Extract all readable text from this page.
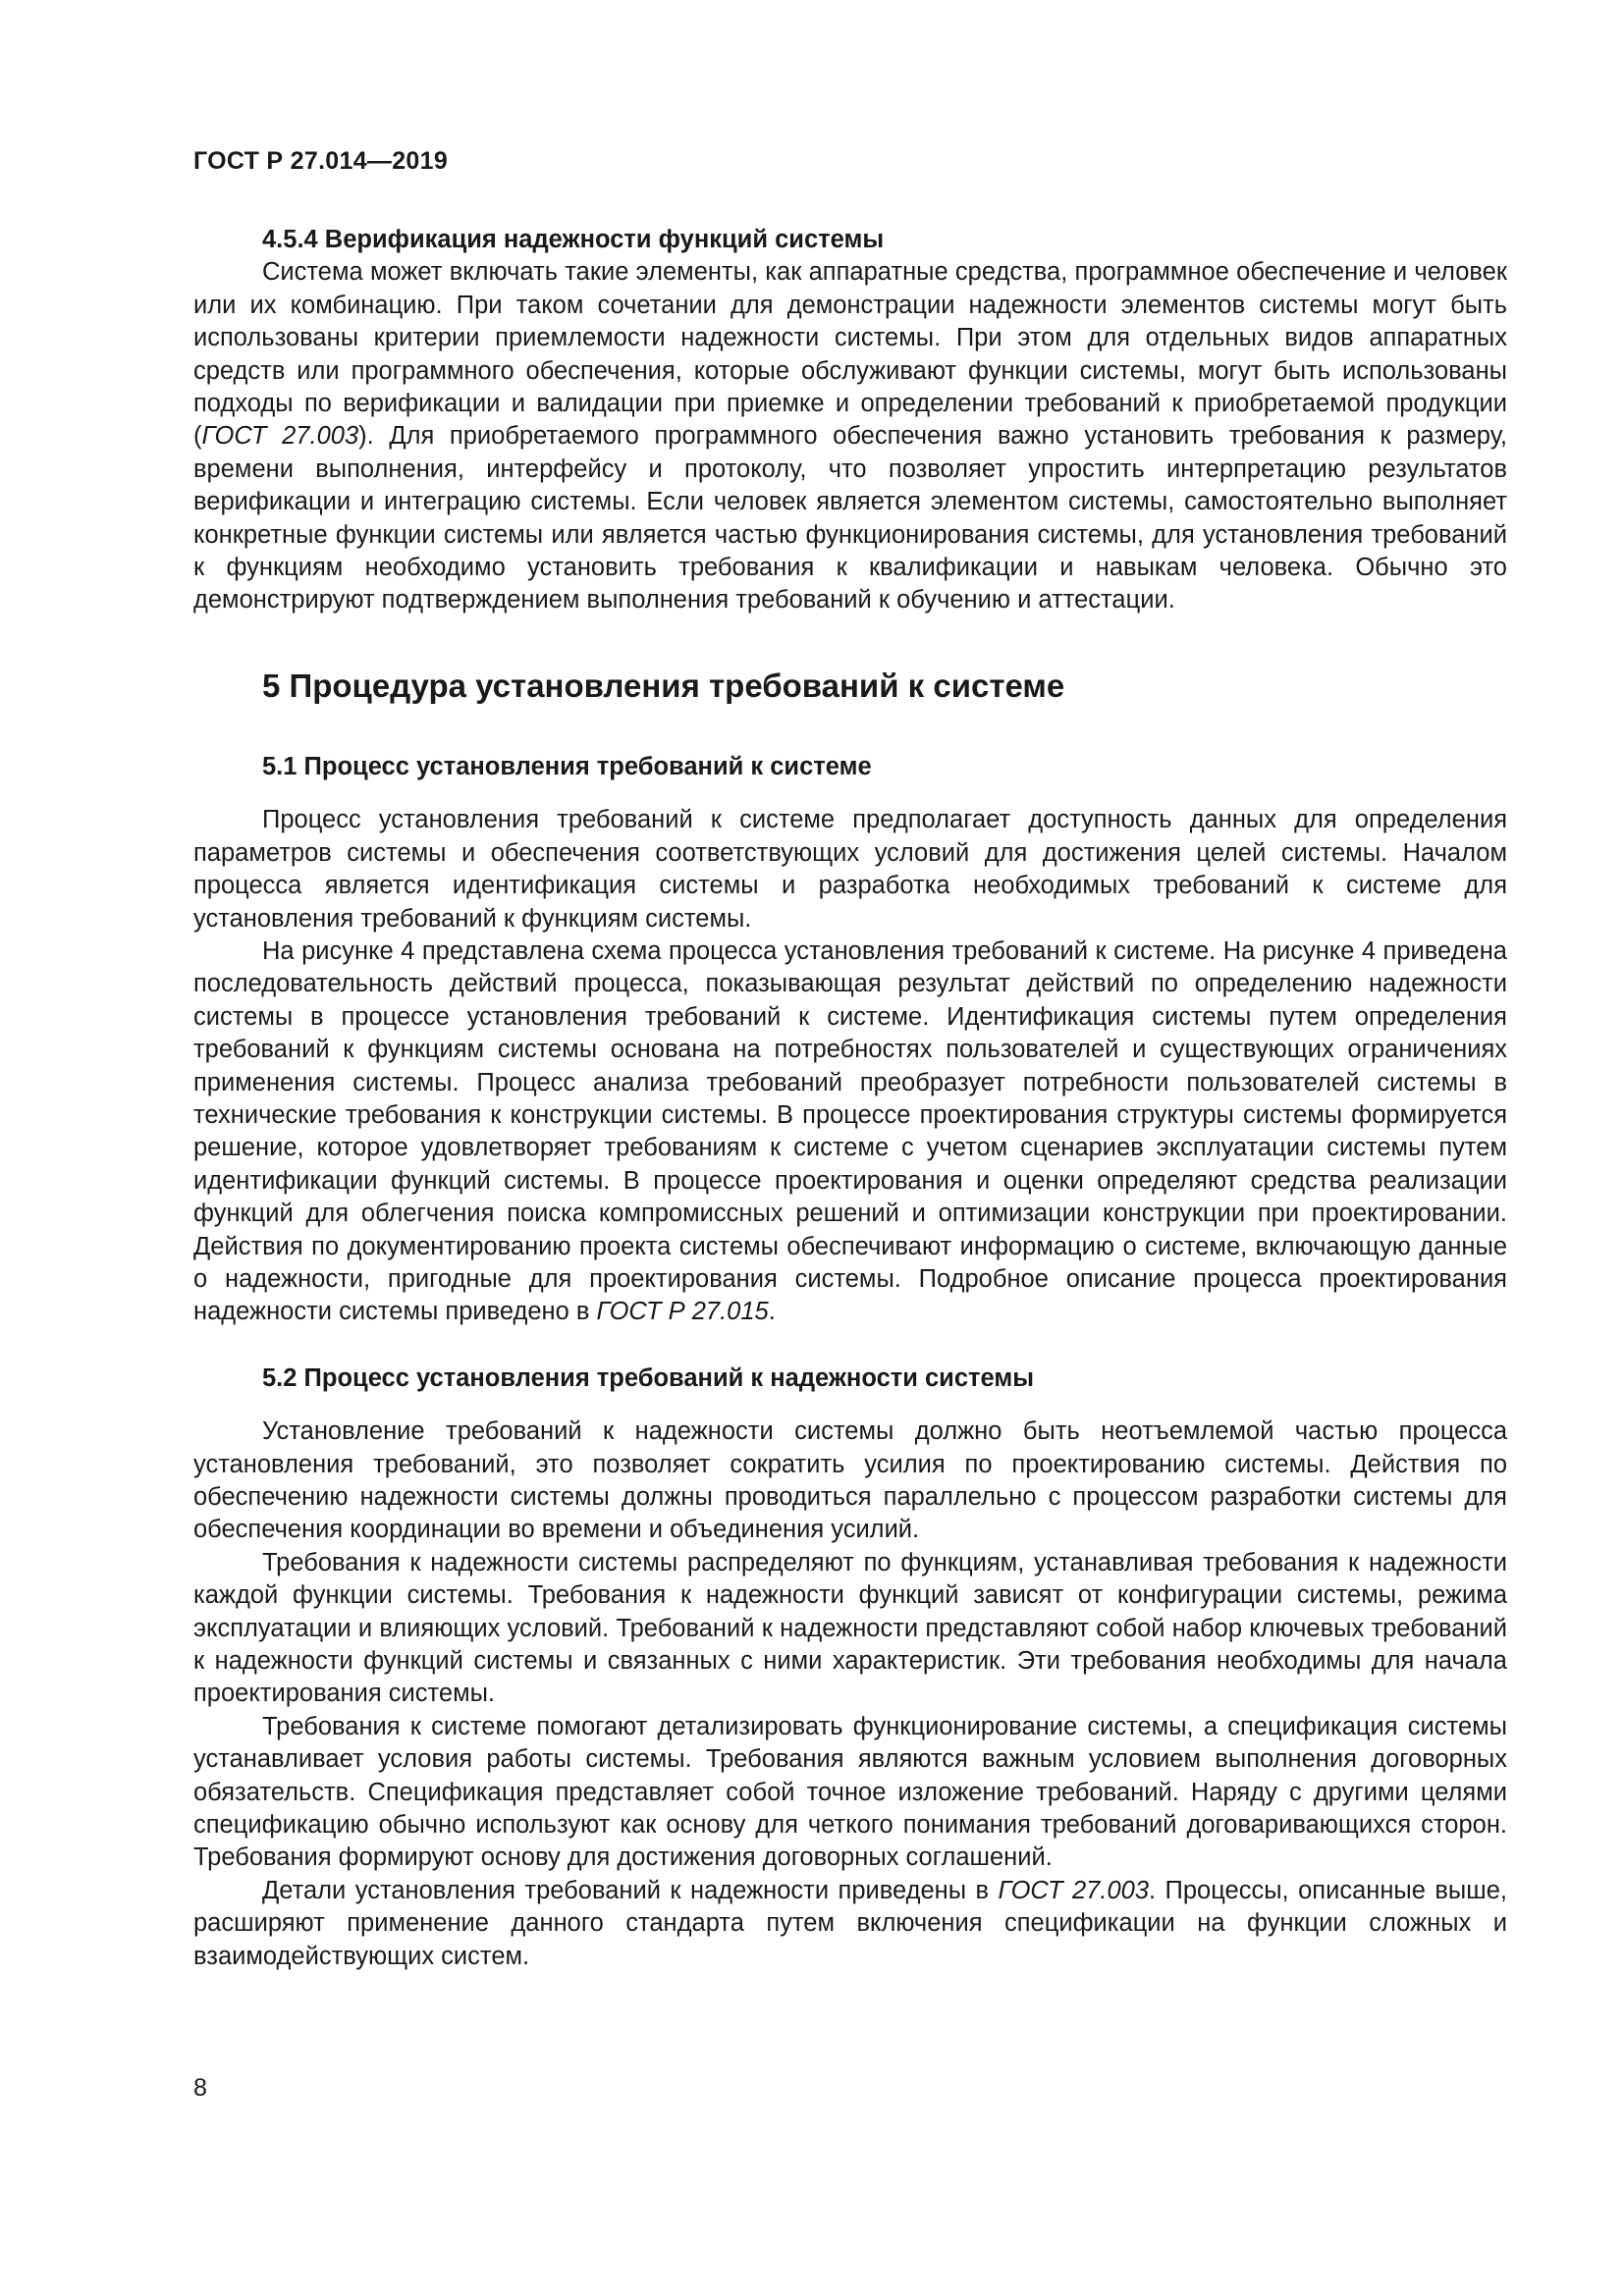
ГОСТ Р 27.014—2019

4.5.4 Верификация надежности функций системы

Система может включать такие элементы, как аппаратные средства, программное обеспечение и человек или их комбинацию. При таком сочетании для демонстрации надежности элементов системы могут быть использованы критерии приемлемости надежности системы. При этом для отдельных видов аппаратных средств или программного обеспечения, которые обслуживают функции системы, могут быть использованы подходы по верификации и валидации при приемке и определении требований к приобретаемой продукции (ГОСТ 27.003). Для приобретаемого программного обеспечения важно установить требования к размеру, времени выполнения, интерфейсу и протоколу, что позволяет упростить интерпретацию результатов верификации и интеграцию системы. Если человек является элементом системы, самостоятельно выполняет конкретные функции системы или является частью функционирования системы, для установления требований к функциям необходимо установить требования к квалификации и навыкам человека. Обычно это демонстрируют подтверждением выполнения требований к обучению и аттестации.

5 Процедура установления требований к системе

5.1 Процесс установления требований к системе

Процесс установления требований к системе предполагает доступность данных для определения параметров системы и обеспечения соответствующих условий для достижения целей системы. Началом процесса является идентификация системы и разработка необходимых требований к системе для установления требований к функциям системы.

На рисунке 4 представлена схема процесса установления требований к системе. На рисунке 4 приведена последовательность действий процесса, показывающая результат действий по определению надежности системы в процессе установления требований к системе. Идентификация системы путем определения требований к функциям системы основана на потребностях пользователей и существующих ограничениях применения системы. Процесс анализа требований преобразует потребности пользователей системы в технические требования к конструкции системы. В процессе проектирования структуры системы формируется решение, которое удовлетворяет требованиям к системе с учетом сценариев эксплуатации системы путем идентификации функций системы. В процессе проектирования и оценки определяют средства реализации функций для облегчения поиска компромиссных решений и оптимизации конструкции при проектировании. Действия по документированию проекта системы обеспечивают информацию о системе, включающую данные о надежности, пригодные для проектирования системы. Подробное описание процесса проектирования надежности системы приведено в ГОСТ Р 27.015.

5.2 Процесс установления требований к надежности системы

Установление требований к надежности системы должно быть неотъемлемой частью процесса установления требований, это позволяет сократить усилия по проектированию системы. Действия по обеспечению надежности системы должны проводиться параллельно с процессом разработки системы для обеспечения координации во времени и объединения усилий.

Требования к надежности системы распределяют по функциям, устанавливая требования к надежности каждой функции системы. Требования к надежности функций зависят от конфигурации системы, режима эксплуатации и влияющих условий. Требований к надежности представляют собой набор ключевых требований к надежности функций системы и связанных с ними характеристик. Эти требования необходимы для начала проектирования системы.

Требования к системе помогают детализировать функционирование системы, а спецификация системы устанавливает условия работы системы. Требования являются важным условием выполнения договорных обязательств. Спецификация представляет собой точное изложение требований. Наряду с другими целями спецификацию обычно используют как основу для четкого понимания требований договаривающихся сторон. Требования формируют основу для достижения договорных соглашений.

Детали установления требований к надежности приведены в ГОСТ 27.003. Процессы, описанные выше, расширяют применение данного стандарта путем включения спецификации на функции сложных и взаимодействующих систем.

8
